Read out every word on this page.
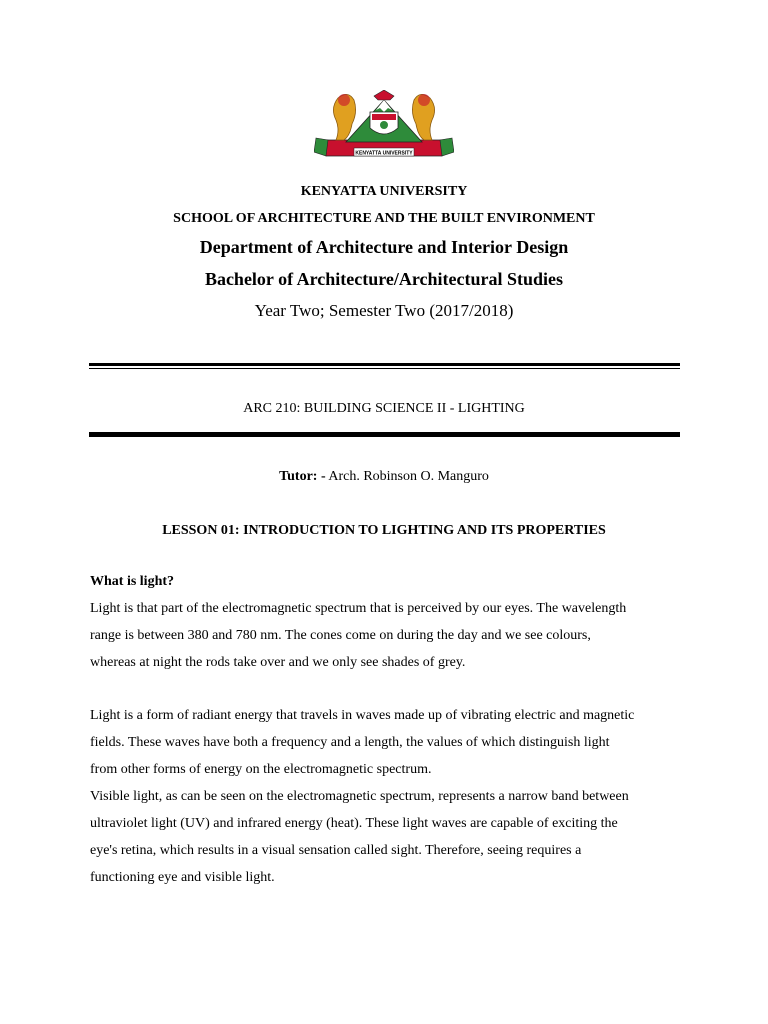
KENYATTA UNIVERSITY
KENYATTA UNIVERSITY
SCHOOL OF ARCHITECTURE AND THE BUILT ENVIRONMENT
Department of Architecture and Interior Design
Bachelor of Architecture/Architectural Studies
Year Two; Semester Two (2017/2018)
ARC 210: BUILDING SCIENCE II - LIGHTING
Tutor: - Arch. Robinson O. Manguro
LESSON 01: INTRODUCTION TO LIGHTING AND ITS PROPERTIES
What is light?
Light is that part of the electromagnetic spectrum that is perceived by our eyes. The wavelength
range is between 380 and 780 nm. The cones come on during the day and we see colours,
whereas at night the rods take over and we only see shades of grey.
Light is a form of radiant energy that travels in waves made up of vibrating electric and magnetic
fields. These waves have both a frequency and a length, the values of which distinguish light
from other forms of energy on the electromagnetic spectrum.
Visible light, as can be seen on the electromagnetic spectrum, represents a narrow band between
ultraviolet light (UV) and infrared energy (heat). These light waves are capable of exciting the
eye's retina, which results in a visual sensation called sight. Therefore, seeing requires a
functioning eye and visible light.
